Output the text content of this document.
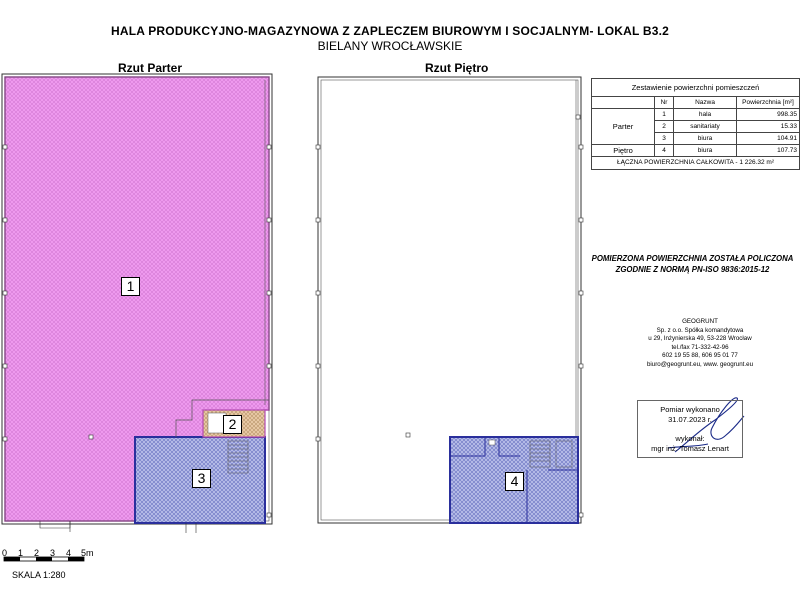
1
2
3	4
HALA PRODUKCYJNO-MAGAZYNOWA Z ZAPLECZEM BIUROWYM I SOCJALNYM- LOKAL B3.2
BIELANY WROCŁAWSKIE
Rzut Parter	Rzut Piętro
Zestawienie powierzchni pomieszczeń			
	Nr	Nazwa	Powierzchnia [m²]
Parter	1	hala	998.35
	2	sanitariaty	15.33
	3	biura	104.91
Piętro	4	biura	107.73
ŁĄCZNA POWIERZCHNIA CAŁKOWITA - 1 226.32 m²			
POMIERZONA POWIERZCHNIA ZOSTAŁA POLICZONA
ZGODNIE Z NORMĄ PN-ISO 9836:2015-12
GEOGRUNT
Sp. z o.o. Spółka komandytowa
u 29, Inżynierska 49, 53-228 Wrocław
tel./fax 71-332-42-96
602 19 55 88, 606 95 01 77
biuro@geogrunt.eu, www. geogrunt.eu
Pomiar wykonano
31.07.2023 r.
wykonał:
mgr inż. Tomasz Lenart
0 1 2 3 4 5m
SKALA 1:280
